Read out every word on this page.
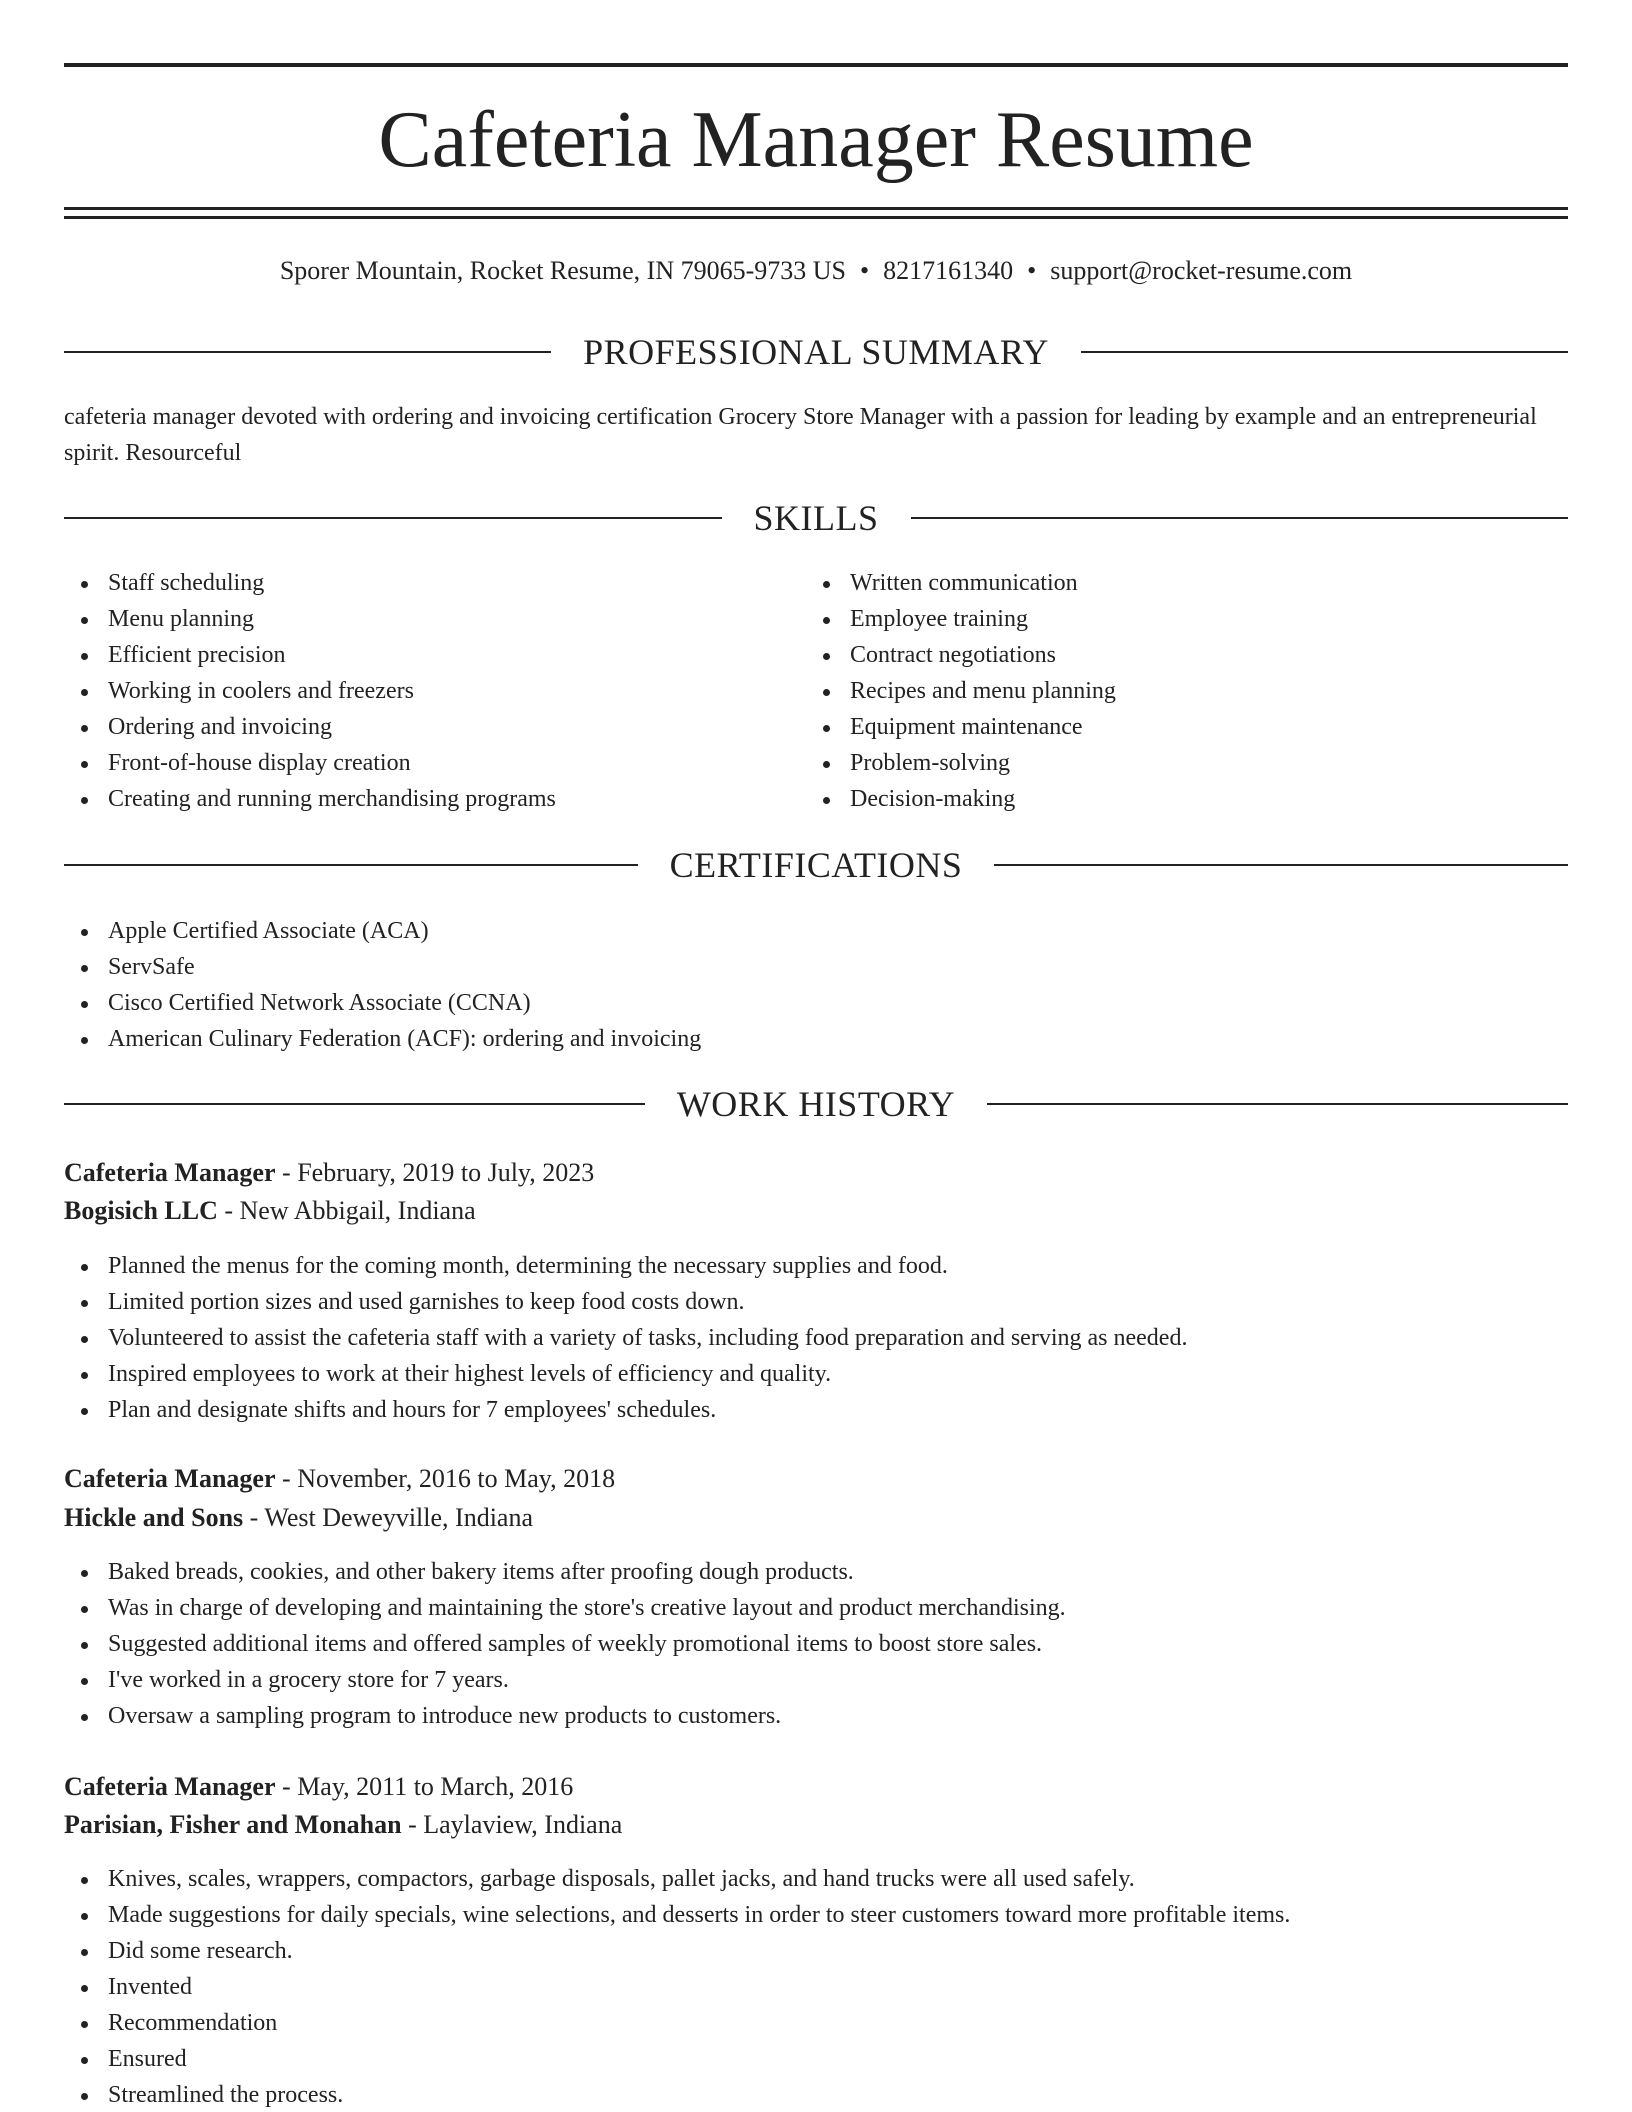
Cafeteria Manager Resume
Sporer Mountain, Rocket Resume, IN 79065-9733 US • 8217161340 • support@rocket-resume.com
PROFESSIONAL SUMMARY

cafeteria manager devoted with ordering and invoicing certification Grocery Store Manager with a passion for leading by example and an entrepreneurial spirit. Resourceful

SKILLS
Staff scheduling
Menu planning
Efficient precision
Working in coolers and freezers
Ordering and invoicing
Front-of-house display creation
Creating and running merchandising programs
Written communication
Employee training
Contract negotiations
Recipes and menu planning
Equipment maintenance
Problem-solving
Decision-making
CERTIFICATIONS
Apple Certified Associate (ACA)
ServSafe
Cisco Certified Network Associate (CCNA)
American Culinary Federation (ACF): ordering and invoicing
WORK HISTORY
Cafeteria Manager - February, 2019 to July, 2023
Bogisich LLC - New Abbigail, Indiana
Planned the menus for the coming month, determining the necessary supplies and food.
Limited portion sizes and used garnishes to keep food costs down.
Volunteered to assist the cafeteria staff with a variety of tasks, including food preparation and serving as needed.
Inspired employees to work at their highest levels of efficiency and quality.
Plan and designate shifts and hours for 7 employees' schedules.
Cafeteria Manager - November, 2016 to May, 2018
Hickle and Sons - West Deweyville, Indiana
Baked breads, cookies, and other bakery items after proofing dough products.
Was in charge of developing and maintaining the store's creative layout and product merchandising.
Suggested additional items and offered samples of weekly promotional items to boost store sales.
I've worked in a grocery store for 7 years.
Oversaw a sampling program to introduce new products to customers.
Cafeteria Manager - May, 2011 to March, 2016
Parisian, Fisher and Monahan - Laylaview, Indiana
Knives, scales, wrappers, compactors, garbage disposals, pallet jacks, and hand trucks were all used safely.
Made suggestions for daily specials, wine selections, and desserts in order to steer customers toward more profitable items.
Did some research.
Invented
Recommendation
Ensured
Streamlined the process.
